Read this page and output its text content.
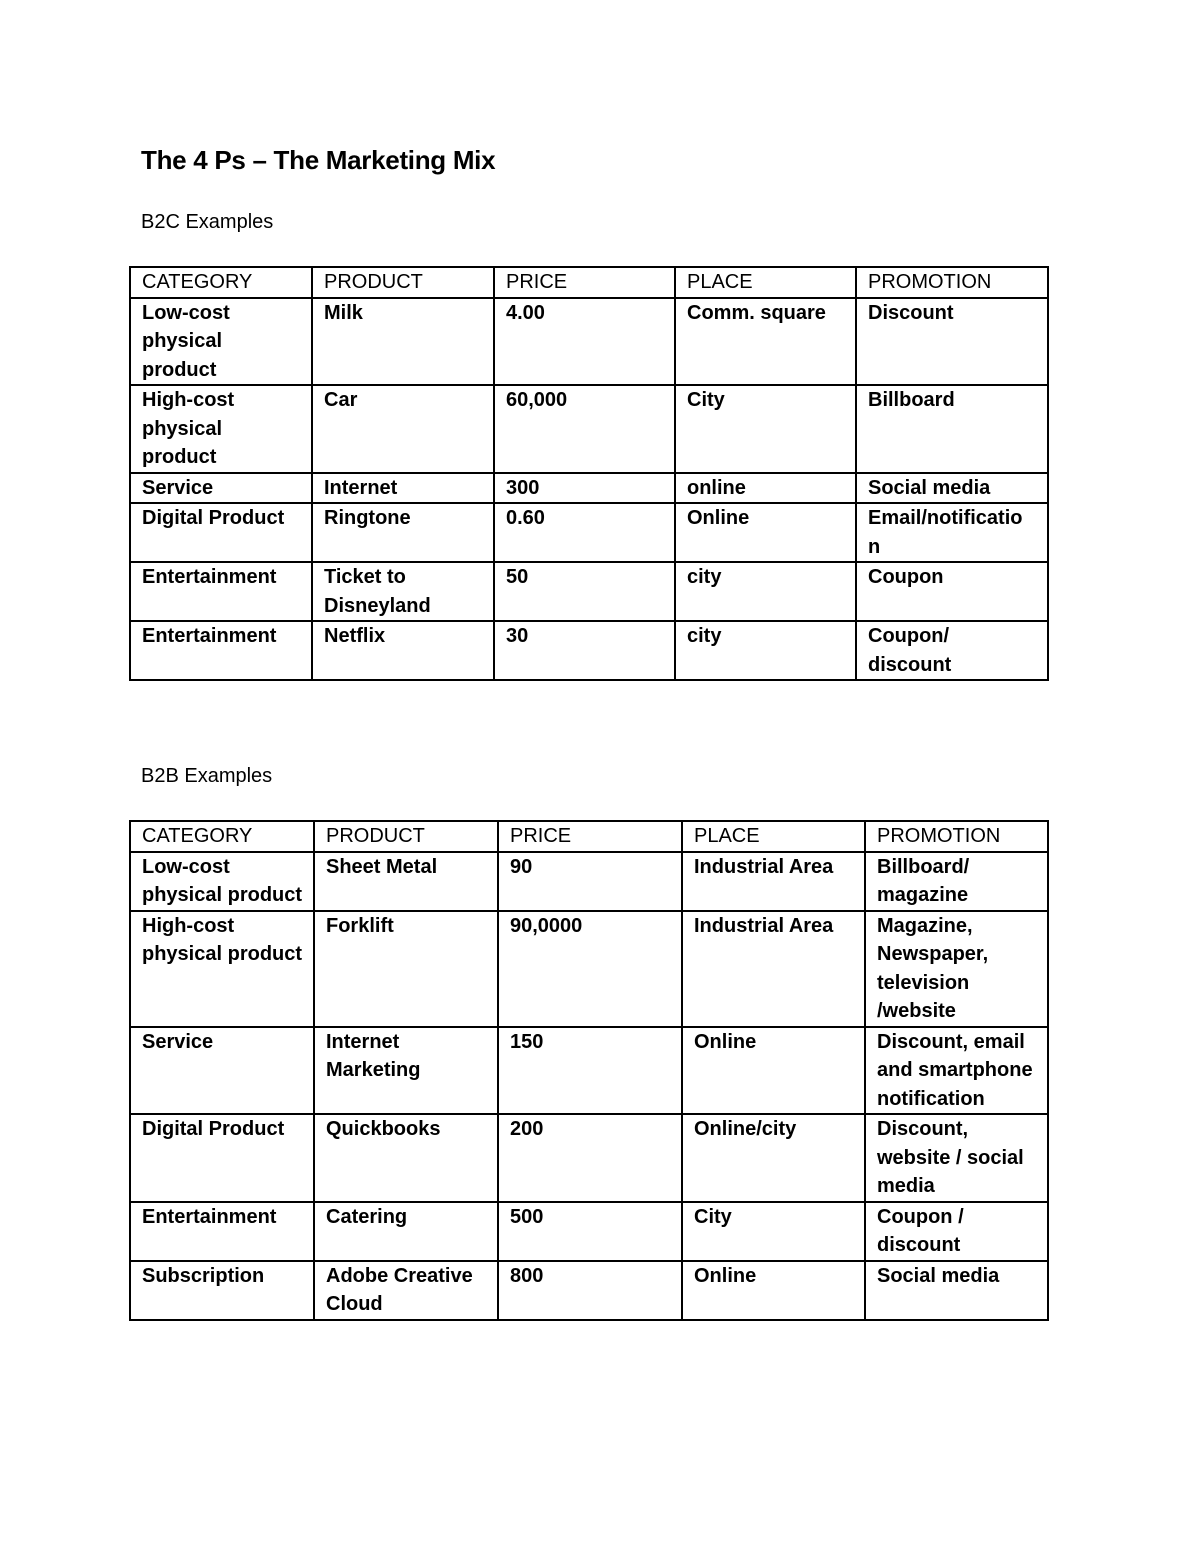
The 4 Ps – The Marketing Mix

B2C Examples

CATEGORY	PRODUCT	PRICE	PLACE	PROMOTION
Low-cost physical product	Milk	4.00	Comm. square	Discount
High-cost physical product	Car	60,000	City	Billboard
Service	Internet	300	online	Social media
Digital Product	Ringtone	0.60	Online	Email/notificatio n
Entertainment	Ticket to Disneyland	50	city	Coupon
Entertainment	Netflix	30	city	Coupon/ discount

B2B Examples

CATEGORY	PRODUCT	PRICE	PLACE	PROMOTION
Low-cost physical product	Sheet Metal	90	Industrial Area	Billboard/ magazine
High-cost physical product	Forklift	90,0000	Industrial Area	Magazine, Newspaper, television /website
Service	Internet Marketing	150	Online	Discount, email and smartphone notification
Digital Product	Quickbooks	200	Online/city	Discount, website / social media
Entertainment	Catering	500	City	Coupon / discount
Subscription	Adobe Creative Cloud	800	Online	Social media
